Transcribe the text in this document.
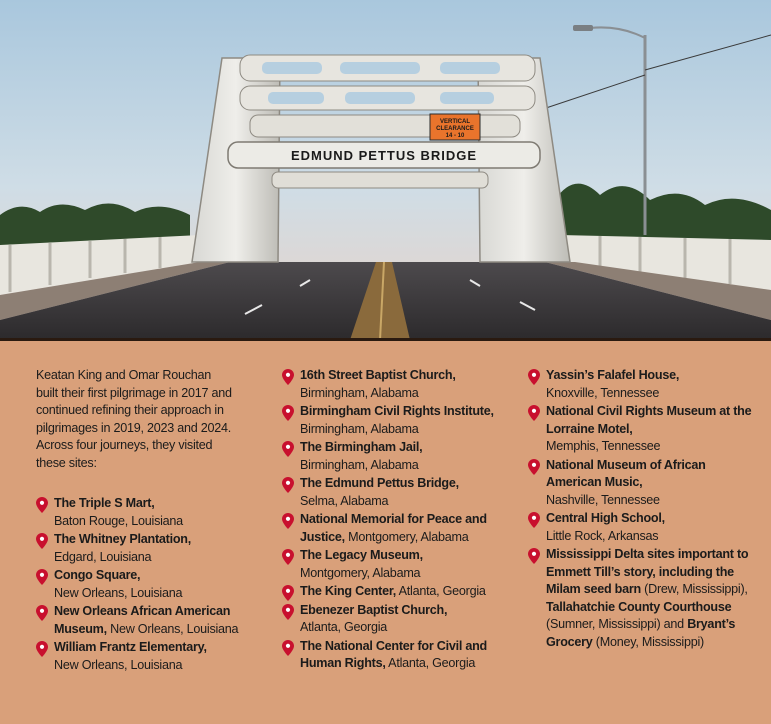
EDMUND PETTUS BRIDGE
VERTICAL
CLEARANCE
14 - 10

Keatan King and Omar Rouchan built their first pilgrimage in 2017 and continued refining their approach in pilgrimages in 2019, 2023 and 2024. Across four journeys, they visited these sites:

The Triple S Mart,
Baton Rouge, Louisiana
The Whitney Plantation,
Edgard, Louisiana
Congo Square,
New Orleans, Louisiana
New Orleans African American Museum, New Orleans, Louisiana
William Frantz Elementary,
New Orleans, Louisiana
16th Street Baptist Church,
Birmingham, Alabama
Birmingham Civil Rights Institute,
Birmingham, Alabama
The Birmingham Jail,
Birmingham, Alabama
The Edmund Pettus Bridge,
Selma, Alabama
National Memorial for Peace and Justice, Montgomery, Alabama
The Legacy Museum,
Montgomery, Alabama
The King Center, Atlanta, Georgia
Ebenezer Baptist Church,
Atlanta, Georgia
The National Center for Civil and Human Rights, Atlanta, Georgia
Yassin’s Falafel House,
Knoxville, Tennessee
National Civil Rights Museum at the Lorraine Motel,
Memphis, Tennessee
National Museum of African American Music,
Nashville, Tennessee
Central High School,
Little Rock, Arkansas
Mississippi Delta sites important to Emmett Till’s story, including the Milam seed barn (Drew, Mississippi), Tallahatchie County Courthouse (Sumner, Mississippi) and Bryant’s Grocery (Money, Mississippi)
